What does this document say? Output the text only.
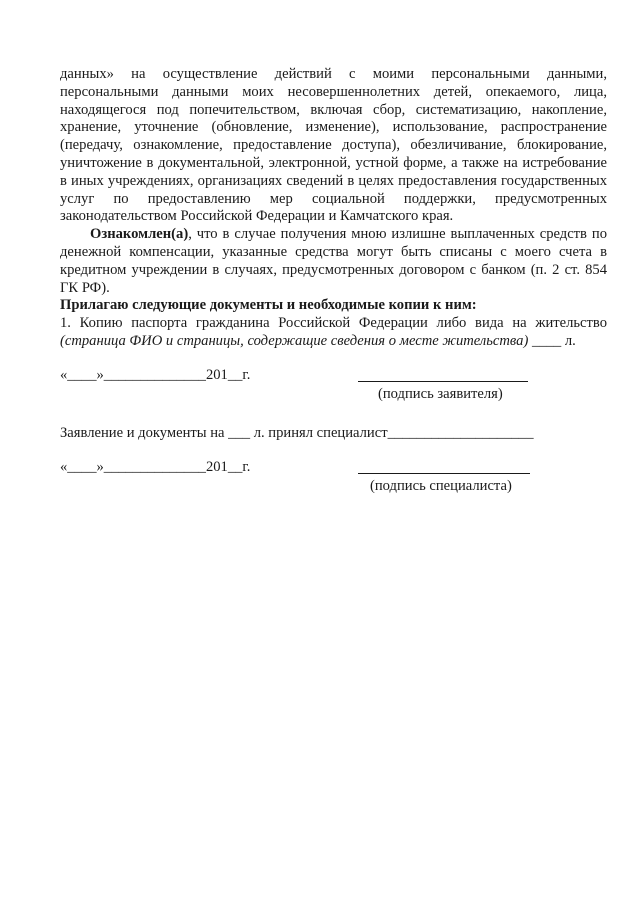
данных» на осуществление действий с моими персональными данными, персональными данными моих несовершеннолетних детей, опекаемого, лица, находящегося под попечительством, включая сбор, систематизацию, накопление, хранение, уточнение (обновление, изменение), использование, распространение (передачу, ознакомление, предоставление доступа), обезличивание, блокирование, уничтожение в документальной, электронной, устной форме, а также на истребование в иных учреждениях, организациях сведений в целях предоставления государственных услуг по предоставлению мер социальной поддержки, предусмотренных законодательством Российской Федерации и Камчатского края.

Ознакомлен(а), что в случае получения мною излишне выплаченных средств по денежной компенсации, указанные средства могут быть списаны с моего счета в кредитном учреждении в случаях, предусмотренных договором с банком (п. 2 ст. 854 ГК РФ).

Прилагаю следующие документы и необходимые копии к ним:

1. Копию паспорта гражданина Российской Федерации либо вида на жительство (страница ФИО и страницы, содержащие сведения о месте жительства) ____ л.

«____»______________201__г.
(подпись заявителя)

Заявление и документы на ___ л. принял специалист____________________

«____»______________201__г.
(подпись специалиста)
